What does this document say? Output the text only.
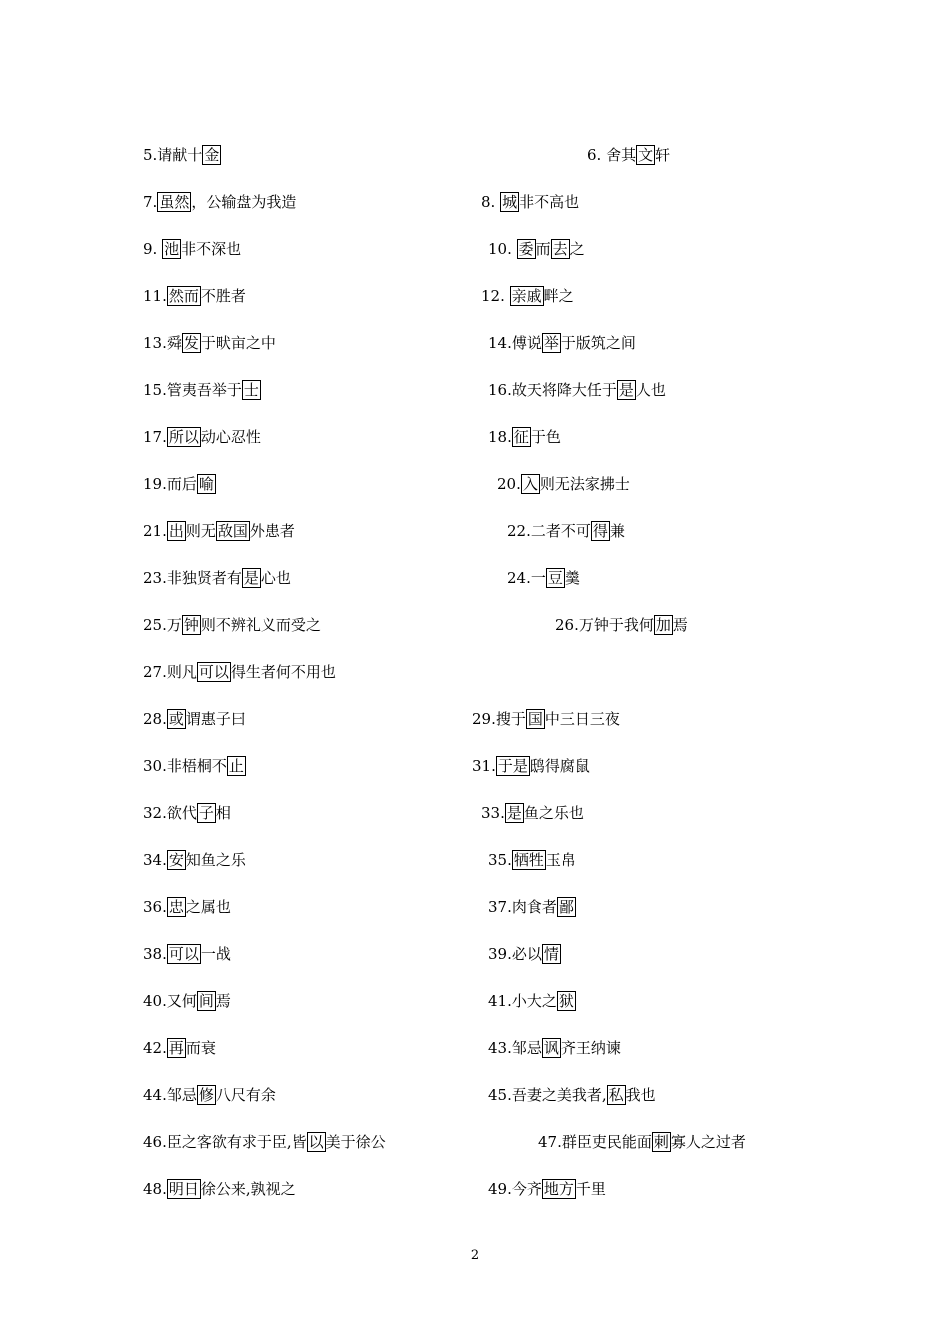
5.请献十 金	6. 舍其 文 轩
7. 虽然 ，公输盘为我造	8. 城 非不高也
9. 池 非不深也	10. 委 而 去 之
11. 然而 不胜者	12. 亲戚 畔之
13.舜 发 于畎亩之中	14.傅说 举 于版筑之间
15.管夷吾举于 士	16.故天将降大任于 是 人也
17. 所以 动心忍性	18. 征 于色
19.而后 喻	20. 入 则无法家拂士
21. 出 则无 敌国 外患者	22.二者不可 得 兼
23.非独贤者有 是 心也	24.一 豆 羹
25.万 钟 则不辨礼义而受之	26.万钟于我何 加 焉
27.则凡 可以 得生者何不用也
28. 或 谓惠子曰	29.搜于 国 中三日三夜
30.非梧桐不 止	31. 于是 鸱得腐鼠
32.欲代 子 相	33. 是 鱼之乐也
34. 安 知鱼之乐	35. 牺牲 玉帛
36. 忠 之属也	37.肉食者 鄙
38. 可以 一战	39.必以 情
40.又何 间 焉	41.小大之 狱
42. 再 而衰	43.邹忌 讽 齐王纳谏
44.邹忌 修 八尺有余	45.吾妻之美我者, 私 我也
46.臣之客欲有求于臣,皆 以 美于徐公	47.群臣吏民能面 刺 寡人之过者
48. 明日 徐公来,孰视之	49.今齐 地方 千里
2
